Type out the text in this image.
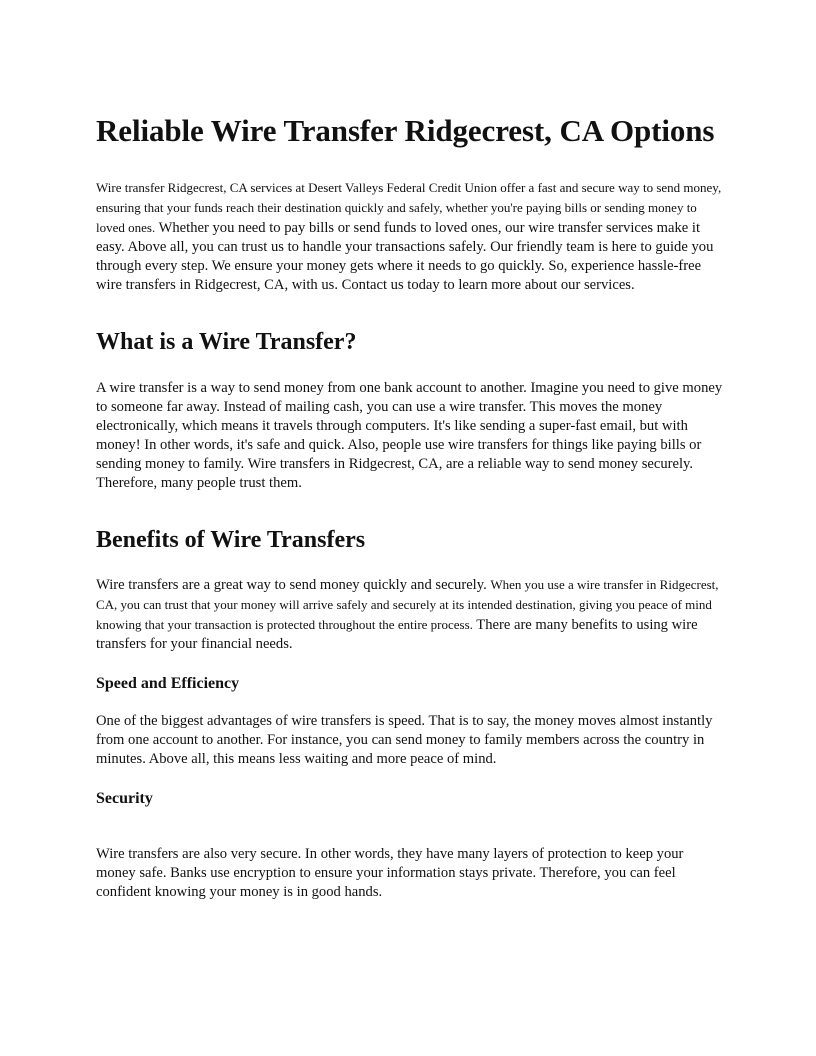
Reliable Wire Transfer Ridgecrest, CA Options

Wire transfer Ridgecrest, CA services at Desert Valleys Federal Credit Union offer a fast and secure way to send money, ensuring that your funds reach their destination quickly and safely, whether you're paying bills or sending money to loved ones. Whether you need to pay bills or send funds to loved ones, our wire transfer services make it easy. Above all, you can trust us to handle your transactions safely. Our friendly team is here to guide you through every step. We ensure your money gets where it needs to go quickly. So, experience hassle-free wire transfers in Ridgecrest, CA, with us. Contact us today to learn more about our services.

What is a Wire Transfer?

A wire transfer is a way to send money from one bank account to another. Imagine you need to give money to someone far away. Instead of mailing cash, you can use a wire transfer. This moves the money electronically, which means it travels through computers. It's like sending a super-fast email, but with money! In other words, it's safe and quick. Also, people use wire transfers for things like paying bills or sending money to family. Wire transfers in Ridgecrest, CA, are a reliable way to send money securely. Therefore, many people trust them.

Benefits of Wire Transfers

Wire transfers are a great way to send money quickly and securely. When you use a wire transfer in Ridgecrest, CA, you can trust that your money will arrive safely and securely at its intended destination, giving you peace of mind knowing that your transaction is protected throughout the entire process. There are many benefits to using wire transfers for your financial needs.

Speed and Efficiency

One of the biggest advantages of wire transfers is speed. That is to say, the money moves almost instantly from one account to another. For instance, you can send money to family members across the country in minutes. Above all, this means less waiting and more peace of mind.

Security

Wire transfers are also very secure. In other words, they have many layers of protection to keep your money safe. Banks use encryption to ensure your information stays private. Therefore, you can feel confident knowing your money is in good hands.
